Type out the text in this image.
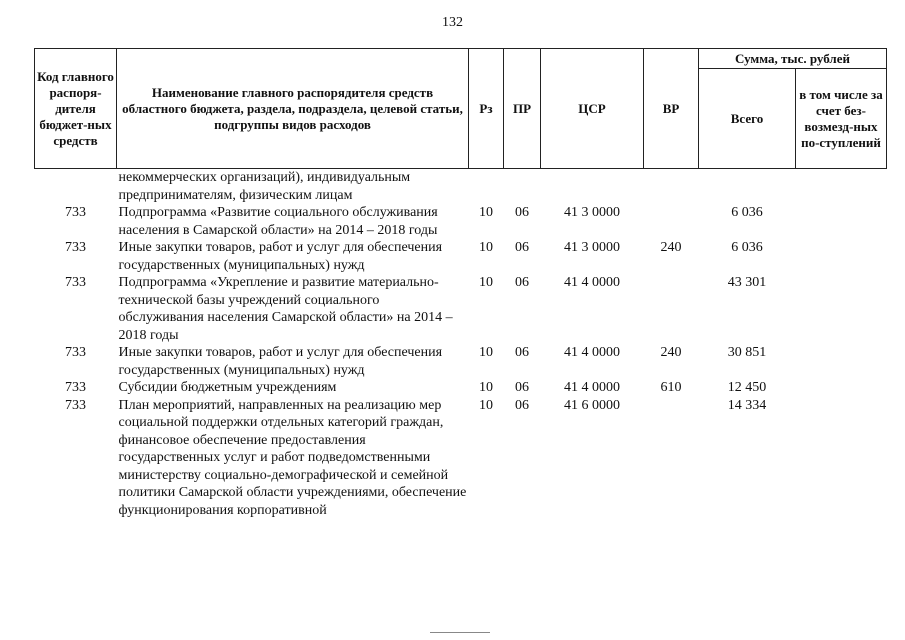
132
Код главного распоря-дителя бюджет-ных средств	Наименование главного распорядителя средств областного бюджета, раздела, подраздела, целевой статьи, подгруппы видов расходов	Рз	ПР	ЦСР	ВР	Сумма, тыс. рублей	
						Всего	в том числе за счет без-возмезд-ных по-ступлений
	некоммерческих организаций), индивидуальным предпринимателям, физическим лицам						
733	Подпрограмма «Развитие социального обслуживания населения в Самарской области» на 2014 – 2018 годы	10	06	41 3 0000		6 036	
733	Иные закупки товаров, работ и услуг для обеспечения государственных (муниципальных) нужд	10	06	41 3 0000	240	6 036	
733	Подпрограмма «Укрепление и развитие материально-технической базы учреждений социального обслуживания населения Самарской области» на 2014 – 2018 годы	10	06	41 4 0000		43 301	
733	Иные закупки товаров, работ и услуг для обеспечения государственных (муниципальных) нужд	10	06	41 4 0000	240	30 851	
733	Субсидии бюджетным учреждениям	10	06	41 4 0000	610	12 450	
733	План мероприятий, направленных на реализацию мер социальной поддержки отдельных категорий граждан, финансовое обеспечение предоставления государственных услуг и работ подведомственными министерству социально-демографической и семейной политики Самарской области учреждениями, обеспечение функционирования корпоративной	10	06	41 6 0000		14 334	
